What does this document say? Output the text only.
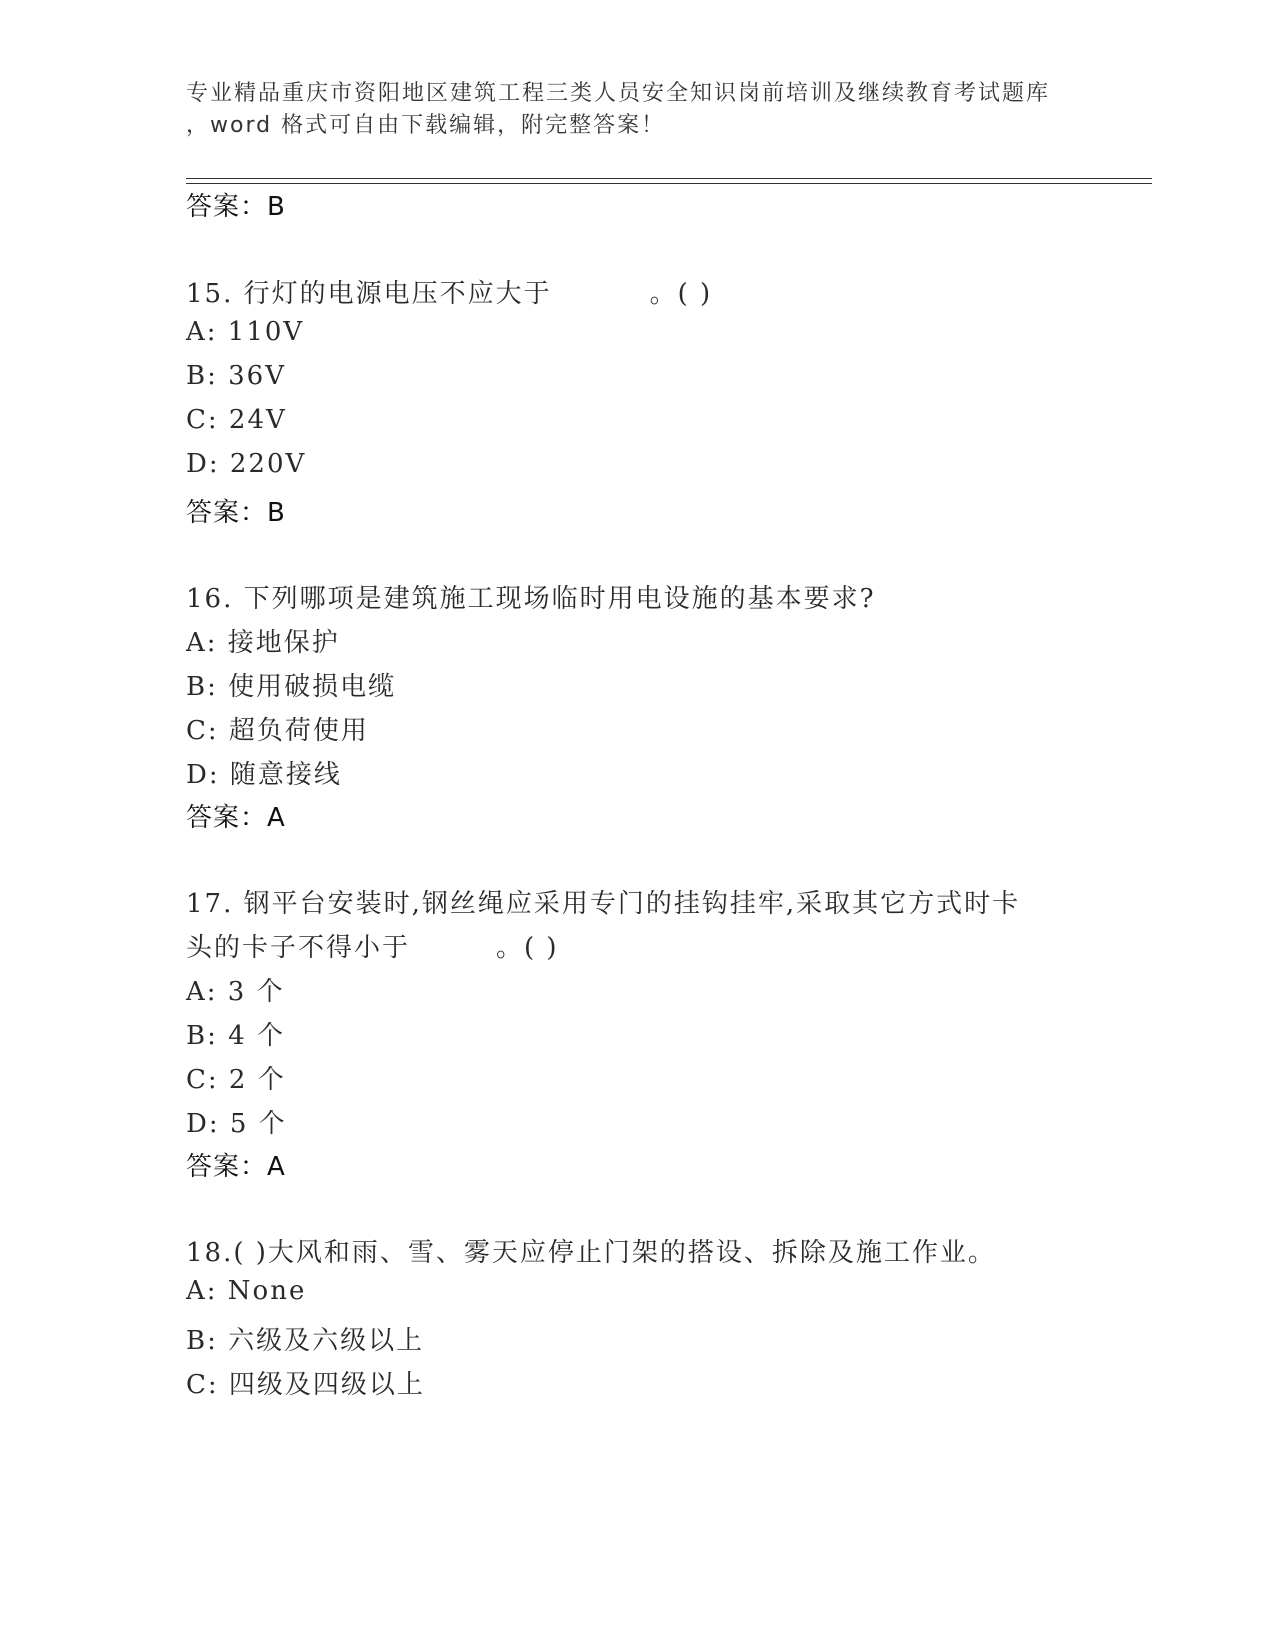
专业精品重庆市资阳地区建筑工程三类人员安全知识岗前培训及继续教育考试题库
，word 格式可自由下载编辑，附完整答案！
答案：B
15. 行灯的电源电压不应大于	。( )
A: 110V
B: 36V
C: 24V
D: 220V
答案：B
16. 下列哪项是建筑施工现场临时用电设施的基本要求?
A: 接地保护
B: 使用破损电缆
C: 超负荷使用
D: 随意接线
答案：A
17. 钢平台安装时,钢丝绳应采用专门的挂钩挂牢,采取其它方式时卡
头的卡子不得小于	。( )
A: 3 个
B: 4 个
C: 2 个
D: 5 个
答案：A
18.( )大风和雨、雪、雾天应停止门架的搭设、拆除及施工作业。
A: None
B: 六级及六级以上
C: 四级及四级以上
